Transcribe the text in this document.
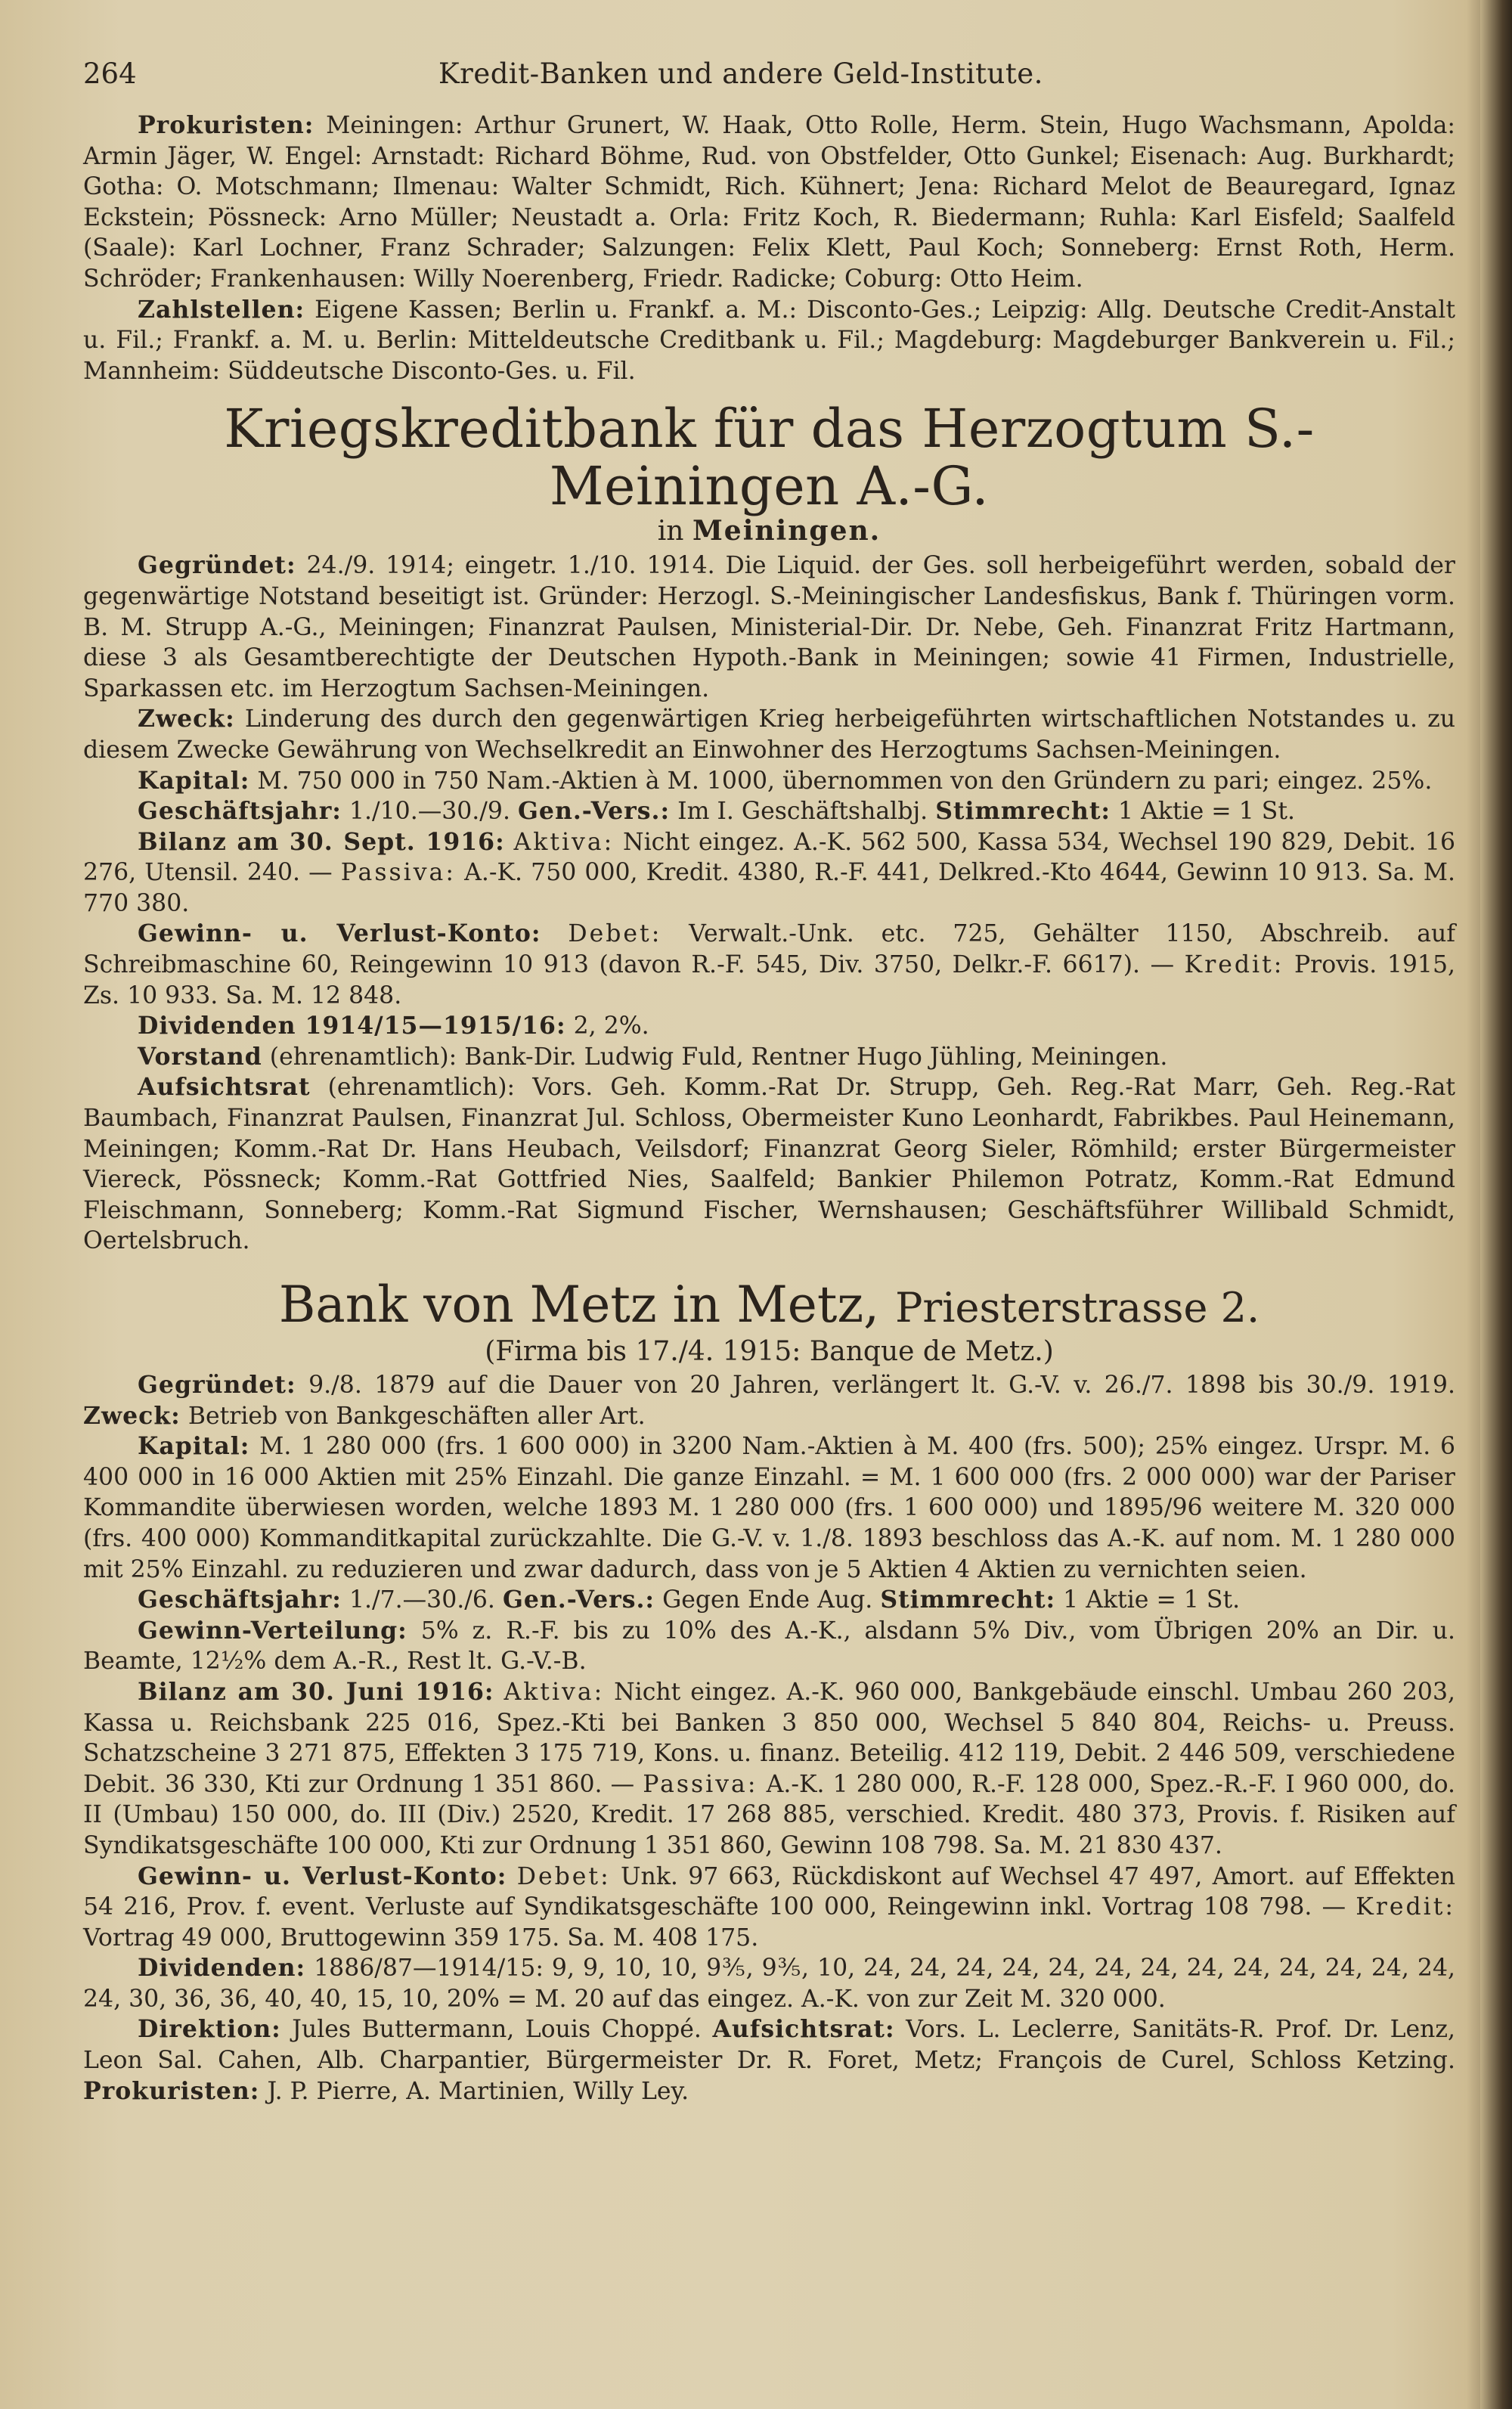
264	Kredit-Banken und andere Geld-Institute.

Prokuristen: Meiningen: Arthur Grunert, W. Haak, Otto Rolle, Herm. Stein, Hugo Wachsmann, Apolda: Armin Jäger, W. Engel: Arnstadt: Richard Böhme, Rud. von Obstfelder, Otto Gunkel; Eisenach: Aug. Burkhardt; Gotha: O. Motschmann; Ilmenau: Walter Schmidt, Rich. Kühnert; Jena: Richard Melot de Beauregard, Ignaz Eckstein; Pössneck: Arno Müller; Neustadt a. Orla: Fritz Koch, R. Biedermann; Ruhla: Karl Eisfeld; Saalfeld (Saale): Karl Lochner, Franz Schrader; Salzungen: Felix Klett, Paul Koch; Sonneberg: Ernst Roth, Herm. Schröder; Frankenhausen: Willy Noerenberg, Friedr. Radicke; Coburg: Otto Heim.

Zahlstellen: Eigene Kassen; Berlin u. Frankf. a. M.: Disconto-Ges.; Leipzig: Allg. Deutsche Credit-Anstalt u. Fil.; Frankf. a. M. u. Berlin: Mitteldeutsche Creditbank u. Fil.; Magdeburg: Magdeburger Bankverein u. Fil.; Mannheim: Süddeutsche Disconto-Ges. u. Fil.

Kriegskreditbank für das Herzogtum S.-Meiningen A.-G.
in Meiningen.

Gegründet: 24./9. 1914; eingetr. 1./10. 1914. Die Liquid. der Ges. soll herbeigeführt werden, sobald der gegenwärtige Notstand beseitigt ist. Gründer: Herzogl. S.-Meiningischer Landesfiskus, Bank f. Thüringen vorm. B. M. Strupp A.-G., Meiningen; Finanzrat Paulsen, Ministerial-Dir. Dr. Nebe, Geh. Finanzrat Fritz Hartmann, diese 3 als Gesamtberechtigte der Deutschen Hypoth.-Bank in Meiningen; sowie 41 Firmen, Industrielle, Sparkassen etc. im Herzogtum Sachsen-Meiningen.

Zweck: Linderung des durch den gegenwärtigen Krieg herbeigeführten wirtschaftlichen Notstandes u. zu diesem Zwecke Gewährung von Wechselkredit an Einwohner des Herzogtums Sachsen-Meiningen.

Kapital: M. 750 000 in 750 Nam.-Aktien à M. 1000, übernommen von den Gründern zu pari; eingez. 25%.

Geschäftsjahr: 1./10.—30./9. Gen.-Vers.: Im I. Geschäftshalbj. Stimmrecht: 1 Aktie = 1 St.

Bilanz am 30. Sept. 1916: Aktiva: Nicht eingez. A.-K. 562 500, Kassa 534, Wechsel 190 829, Debit. 16 276, Utensil. 240. — Passiva: A.-K. 750 000, Kredit. 4380, R.-F. 441, Delkred.-Kto 4644, Gewinn 10 913. Sa. M. 770 380.

Gewinn- u. Verlust-Konto: Debet: Verwalt.-Unk. etc. 725, Gehälter 1150, Abschreib. auf Schreibmaschine 60, Reingewinn 10 913 (davon R.-F. 545, Div. 3750, Delkr.-F. 6617). — Kredit: Provis. 1915, Zs. 10 933. Sa. M. 12 848.

Dividenden 1914/15—1915/16: 2, 2%.

Vorstand (ehrenamtlich): Bank-Dir. Ludwig Fuld, Rentner Hugo Jühling, Meiningen.

Aufsichtsrat (ehrenamtlich): Vors. Geh. Komm.-Rat Dr. Strupp, Geh. Reg.-Rat Marr, Geh. Reg.-Rat Baumbach, Finanzrat Paulsen, Finanzrat Jul. Schloss, Obermeister Kuno Leonhardt, Fabrikbes. Paul Heinemann, Meiningen; Komm.-Rat Dr. Hans Heubach, Veilsdorf; Finanzrat Georg Sieler, Römhild; erster Bürgermeister Viereck, Pössneck; Komm.-Rat Gottfried Nies, Saalfeld; Bankier Philemon Potratz, Komm.-Rat Edmund Fleischmann, Sonneberg; Komm.-Rat Sigmund Fischer, Wernshausen; Geschäftsführer Willibald Schmidt, Oertelsbruch.

Bank von Metz in Metz, Priesterstrasse 2.
(Firma bis 17./4. 1915: Banque de Metz.)

Gegründet: 9./8. 1879 auf die Dauer von 20 Jahren, verlängert lt. G.-V. v. 26./7. 1898 bis 30./9. 1919. Zweck: Betrieb von Bankgeschäften aller Art.

Kapital: M. 1 280 000 (frs. 1 600 000) in 3200 Nam.-Aktien à M. 400 (frs. 500); 25% eingez. Urspr. M. 6 400 000 in 16 000 Aktien mit 25% Einzahl. Die ganze Einzahl. = M. 1 600 000 (frs. 2 000 000) war der Pariser Kommandite überwiesen worden, welche 1893 M. 1 280 000 (frs. 1 600 000) und 1895/96 weitere M. 320 000 (frs. 400 000) Kommanditkapital zurückzahlte. Die G.-V. v. 1./8. 1893 beschloss das A.-K. auf nom. M. 1 280 000 mit 25% Einzahl. zu reduzieren und zwar dadurch, dass von je 5 Aktien 4 Aktien zu vernichten seien.

Geschäftsjahr: 1./7.—30./6. Gen.-Vers.: Gegen Ende Aug. Stimmrecht: 1 Aktie = 1 St.

Gewinn-Verteilung: 5% z. R.-F. bis zu 10% des A.-K., alsdann 5% Div., vom Übrigen 20% an Dir. u. Beamte, 12½% dem A.-R., Rest lt. G.-V.-B.

Bilanz am 30. Juni 1916: Aktiva: Nicht eingez. A.-K. 960 000, Bankgebäude einschl. Umbau 260 203, Kassa u. Reichsbank 225 016, Spez.-Kti bei Banken 3 850 000, Wechsel 5 840 804, Reichs- u. Preuss. Schatzscheine 3 271 875, Effekten 3 175 719, Kons. u. finanz. Beteilig. 412 119, Debit. 2 446 509, verschiedene Debit. 36 330, Kti zur Ordnung 1 351 860. — Passiva: A.-K. 1 280 000, R.-F. 128 000, Spez.-R.-F. I 960 000, do. II (Umbau) 150 000, do. III (Div.) 2520, Kredit. 17 268 885, verschied. Kredit. 480 373, Provis. f. Risiken auf Syndikatsgeschäfte 100 000, Kti zur Ordnung 1 351 860, Gewinn 108 798. Sa. M. 21 830 437.

Gewinn- u. Verlust-Konto: Debet: Unk. 97 663, Rückdiskont auf Wechsel 47 497, Amort. auf Effekten 54 216, Prov. f. event. Verluste auf Syndikatsgeschäfte 100 000, Reingewinn inkl. Vortrag 108 798. — Kredit: Vortrag 49 000, Bruttogewinn 359 175. Sa. M. 408 175.

Dividenden: 1886/87—1914/15: 9, 9, 10, 10, 9⅗, 9⅗, 10, 24, 24, 24, 24, 24, 24, 24, 24, 24, 24, 24, 24, 24, 24, 30, 36, 36, 40, 40, 15, 10, 20% = M. 20 auf das eingez. A.-K. von zur Zeit M. 320 000.

Direktion: Jules Buttermann, Louis Choppé. Aufsichtsrat: Vors. L. Leclerre, Sanitäts-R. Prof. Dr. Lenz, Leon Sal. Cahen, Alb. Charpantier, Bürgermeister Dr. R. Foret, Metz; François de Curel, Schloss Ketzing. Prokuristen: J. P. Pierre, A. Martinien, Willy Ley.
